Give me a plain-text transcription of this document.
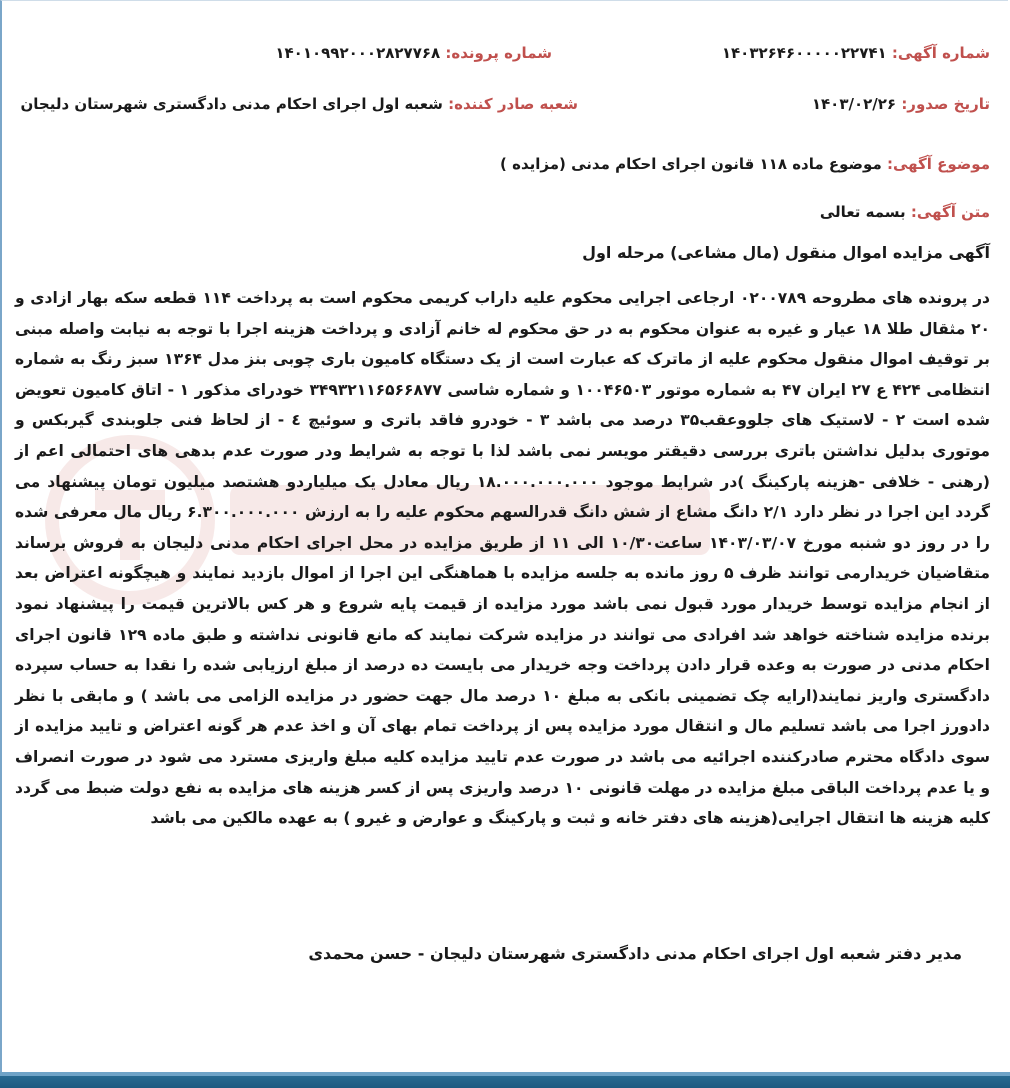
شماره آگهی: ۱۴۰۳۲۶۴۶۰۰۰۰۰۲۲۷۴۱
شماره پرونده: ۱۴۰۱۰۹۹۲۰۰۰۲۸۲۷۷۶۸
تاریخ صدور: ۱۴۰۳/۰۲/۲۶
شعبه صادر کننده: شعبه اول اجرای احکام مدنی دادگستری شهرستان دلیجان
موضوع آگهی: موضوع ماده ۱۱۸ قانون اجرای احکام مدنی (مزایده )
متن آگهی: بسمه تعالی
آگهی مزایده اموال منقول (مال مشاعی) مرحله اول
در پرونده های مطروحه ۰۲۰۰۷۸۹ ارجاعی اجرایی محکوم علیه داراب کریمی محکوم است به پرداخت ۱۱۴ قطعه سکه بهار ازادی و ۲۰ مثقال طلا ۱۸ عیار و غیره به عنوان محکوم به در حق محکوم له خانم آزادی و پرداخت هزینه اجرا با توجه به نیابت واصله مبنی بر توقیف اموال منقول محکوم علیه از ماترک که عبارت است از یک دستگاه کامیون باری چوبی بنز مدل ۱۳۶۴ سبز رنگ به شماره انتظامی ۴۲۴ ع ۲۷ ایران ۴۷ به شماره موتور ۱۰۰۴۶۵۰۳ و شماره شاسی ۳۴۹۳۲۱۱۶۵۶۶۸۷۷ خودرای مذکور ۱ - اتاق کامیون تعویض شده است ۲ - لاستیک های جلووعقب۳۵ درصد می باشد ۳ - خودرو فاقد باتری و سوئیچ ٤ - از لحاظ فنی جلوبندی گیربکس و موتوری بدلیل نداشتن باتری بررسی دقیقتر مویسر نمی باشد لذا با توجه به شرایط ودر صورت عدم بدهی های احتمالی اعم از (رهنی - خلافی -هزینه پارکینگ )در شرایط موجود ۱۸.۰۰۰.۰۰۰.۰۰۰ ریال معادل یک میلیاردو هشتصد میلیون تومان پیشنهاد می گردد این اجرا در نظر دارد ۲/۱ دانگ مشاع از شش دانگ قدرالسهم محکوم علیه را به ارزش ۶.۳۰۰.۰۰۰.۰۰۰ ریال مال معرفی شده را در روز دو شنبه مورخ ۱۴۰۳/۰۳/۰۷ ساعت۱۰/۳۰ الی ۱۱ از طریق مزایده در محل اجرای احکام مدنی دلیجان به فروش برساند متقاضیان خریدارمی توانند ظرف ۵ روز مانده به جلسه مزایده با هماهنگی این اجرا از اموال بازدید نمایند و هیچگونه اعتراض بعد از انجام مزایده توسط خریدار مورد قبول نمی باشد مورد مزایده از قیمت پایه شروع و هر کس بالاترین قیمت را پیشنهاد نمود برنده مزایده شناخته خواهد شد افرادی می توانند در مزایده شرکت نمایند که مانع قانونی نداشته و طبق ماده ۱۲۹ قانون اجرای احکام مدنی در صورت به وعده قرار دادن پرداخت وجه خریدار می بایست ده درصد از مبلغ ارزیابی شده را نقدا به حساب سپرده دادگستری واریز نمایند(ارایه چک تضمینی بانکی به مبلغ ۱۰ درصد مال جهت حضور در مزایده الزامی می باشد ) و مابقی با نظر دادورز اجرا می باشد تسلیم مال و انتقال مورد مزایده پس از پرداخت تمام بهای آن و اخذ عدم هر گونه اعتراض و تایید مزایده از سوی دادگاه محترم صادرکننده اجرائیه می باشد در صورت عدم تایید مزایده کلیه مبلغ واریزی مسترد می شود در صورت انصراف و یا عدم پرداخت الباقی مبلغ مزایده در مهلت قانونی ۱۰ درصد واریزی پس از کسر هزینه های مزایده به نفع دولت ضبط می گردد کلیه هزینه ها انتقال اجرایی(هزینه های دفتر خانه و ثبت و پارکینگ و عوارض و غیرو ) به عهده مالکین می باشد
مدیر دفتر شعبه اول اجرای احکام مدنی دادگستری شهرستان دلیجان - حسن محمدی
